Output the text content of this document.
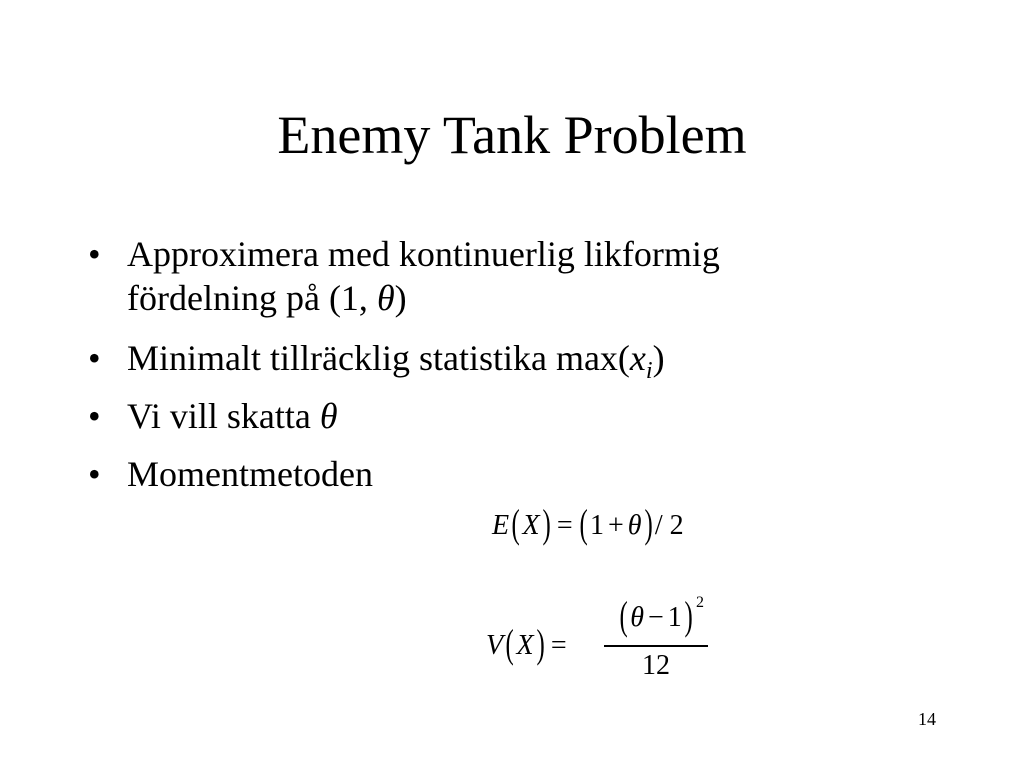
Enemy Tank Problem
• Approximera med kontinuerlig likformig
fördelning på (1, θ)
• Minimalt tillräcklig statistika $\max(x_i)$
• Vi vill skatta θ
• Momentmetoden
E(X) = (1 + θ)/ 2
V(X) =
(θ − 1) 2
12
14
